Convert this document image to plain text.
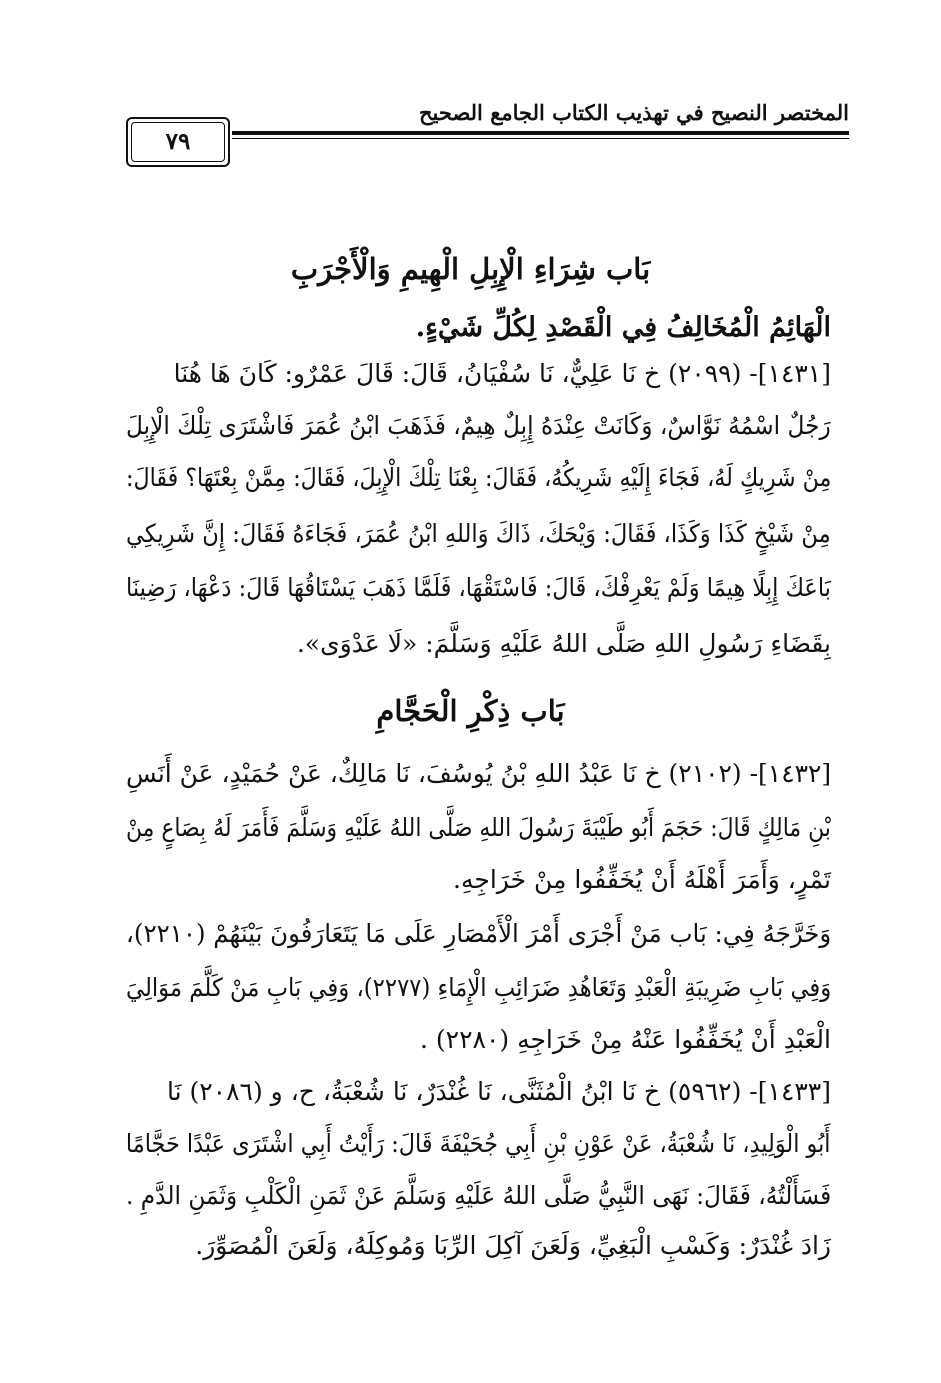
المختصر النصيح في تهذيب الكتاب الجامع الصحيح
٧٩
بَاب شِرَاءِ الْإِبِلِ الْهِيمِ وَالْأَجْرَبِ
الْهَائِمُ الْمُخَالِفُ فِي الْقَصْدِ لِكُلِّ شَيْءٍ.
[١٤٣١]- (٢٠٩٩) خ نَا عَلِيٌّ، نَا سُفْيَانُ، قَالَ: قَالَ عَمْرٌو: كَانَ هَا هُنَا
رَجُلٌ اسْمُهُ نَوَّاسٌ، وَكَانَتْ عِنْدَهُ إِبِلٌ هِيمٌ، فَذَهَبَ ابْنُ عُمَرَ فَاشْتَرَى تِلْكَ الْإِبِلَ
مِنْ شَرِيكٍ لَهُ، فَجَاءَ إِلَيْهِ شَرِيكُهُ، فَقَالَ: بِعْنَا تِلْكَ الْإِبِلَ، فَقَالَ: مِمَّنْ بِعْتَهَا؟ فَقَالَ:
مِنْ شَيْخٍ كَذَا وَكَذَا، فَقَالَ: وَيْحَكَ، ذَاكَ وَاللهِ ابْنُ عُمَرَ، فَجَاءَهُ فَقَالَ: إِنَّ شَرِيكِي
بَاعَكَ إِبِلًا هِيمًا وَلَمْ يَعْرِفْكَ، قَالَ: فَاسْتَقْهَا، فَلَمَّا ذَهَبَ يَسْتَاقُهَا قَالَ: دَعْهَا، رَضِينَا
بِقَضَاءِ رَسُولِ اللهِ صَلَّى اللهُ عَلَيْهِ وَسَلَّمَ: «لَا عَدْوَى».
بَاب ذِكْرِ الْحَجَّامِ
[١٤٣٢]- (٢١٠٢) خ نَا عَبْدُ اللهِ بْنُ يُوسُفَ، نَا مَالِكٌ، عَنْ حُمَيْدٍ، عَنْ أَنَسِ
بْنِ مَالِكٍ قَالَ: حَجَمَ أَبُو طَيْبَةَ رَسُولَ اللهِ صَلَّى اللهُ عَلَيْهِ وَسَلَّمَ فَأَمَرَ لَهُ بِصَاعٍ مِنْ
تَمْرٍ، وَأَمَرَ أَهْلَهُ أَنْ يُخَفِّفُوا مِنْ خَرَاجِهِ.
وَخَرَّجَهُ فِي: بَاب مَنْ أَجْرَى أَمْرَ الْأَمْصَارِ عَلَى مَا يَتَعَارَفُونَ بَيْنَهُمْ (٢٢١٠)،
وَفِي بَابِ ضَرِيبَةِ الْعَبْدِ وَتَعَاهُدِ ضَرَائِبِ الْإِمَاءِ (٢٢٧٧)، وَفِي بَابِ مَنْ كَلَّمَ مَوَالِيَ
الْعَبْدِ أَنْ يُخَفِّفُوا عَنْهُ مِنْ خَرَاجِهِ (٢٢٨٠) .
[١٤٣٣]- (٥٩٦٢) خ نَا ابْنُ الْمُثَنَّى، نَا غُنْدَرٌ، نَا شُعْبَةُ، ح، و (٢٠٨٦) نَا
أَبُو الْوَلِيدِ، نَا شُعْبَةُ، عَنْ عَوْنِ بْنِ أَبِي جُحَيْفَةَ قَالَ: رَأَيْتُ أَبِي اشْتَرَى عَبْدًا حَجَّامًا
فَسَأَلْتُهُ، فَقَالَ: نَهَى النَّبِيُّ صَلَّى اللهُ عَلَيْهِ وَسَلَّمَ عَنْ ثَمَنِ الْكَلْبِ وَثَمَنِ الدَّمِ .
زَادَ غُنْدَرٌ: وَكَسْبِ الْبَغِيِّ، وَلَعَنَ آكِلَ الرِّبَا وَمُوكِلَهُ، وَلَعَنَ الْمُصَوِّرَ.
